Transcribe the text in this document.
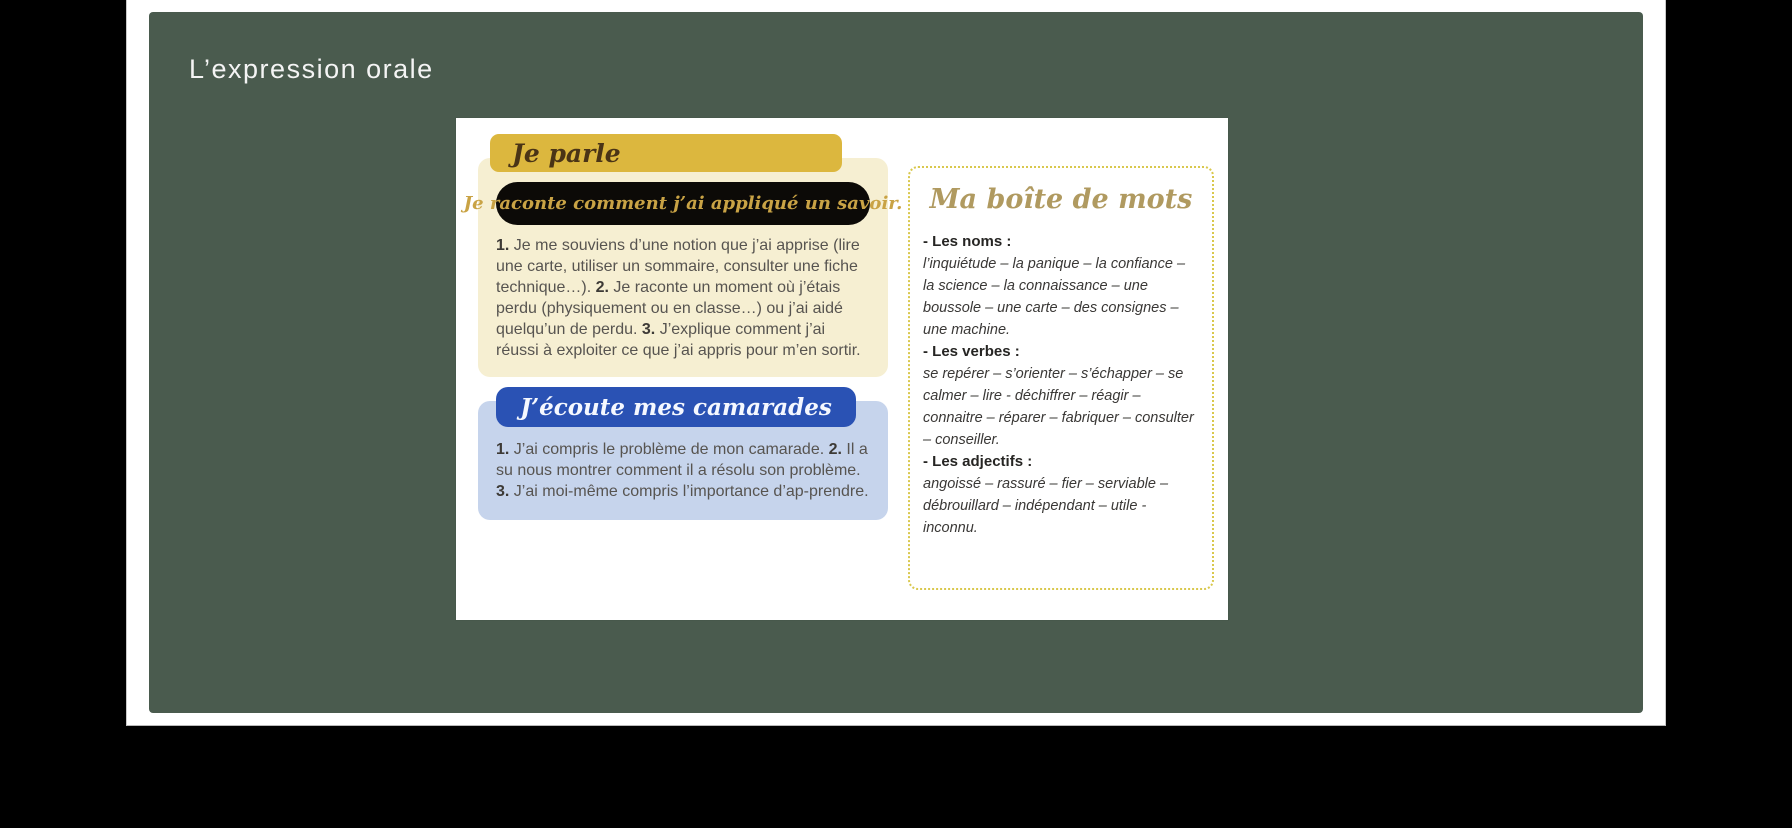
L’expression orale
Je parle
Je raconte comment j’ai appliqué un savoir.
1. Je me souviens d’une notion que j’ai apprise (lire une carte, utiliser un sommaire, consulter une fiche technique…). 2. Je raconte un moment où j’étais perdu (physiquement ou en classe…) ou j’ai aidé quelqu’un de perdu. 3. J’explique comment j’ai réussi à exploiter ce que j’ai appris pour m’en sortir.
J’écoute mes camarades
1. J’ai compris le problème de mon camarade. 2. Il a su nous montrer comment il a résolu son problème. 3. J’ai moi-même compris l’importance d’ap-prendre.
Ma boîte de mots
- Les noms :
l’inquiétude – la panique – la confiance – la science – la connaissance – une boussole – une carte – des consignes – une machine.
- Les verbes :
se repérer – s’orienter – s’échapper – se calmer – lire - déchiffrer – réagir – connaitre – réparer – fabriquer – consulter – conseiller.
- Les adjectifs :
angoissé – rassuré – fier – serviable – débrouillard – indépendant – utile - inconnu.
